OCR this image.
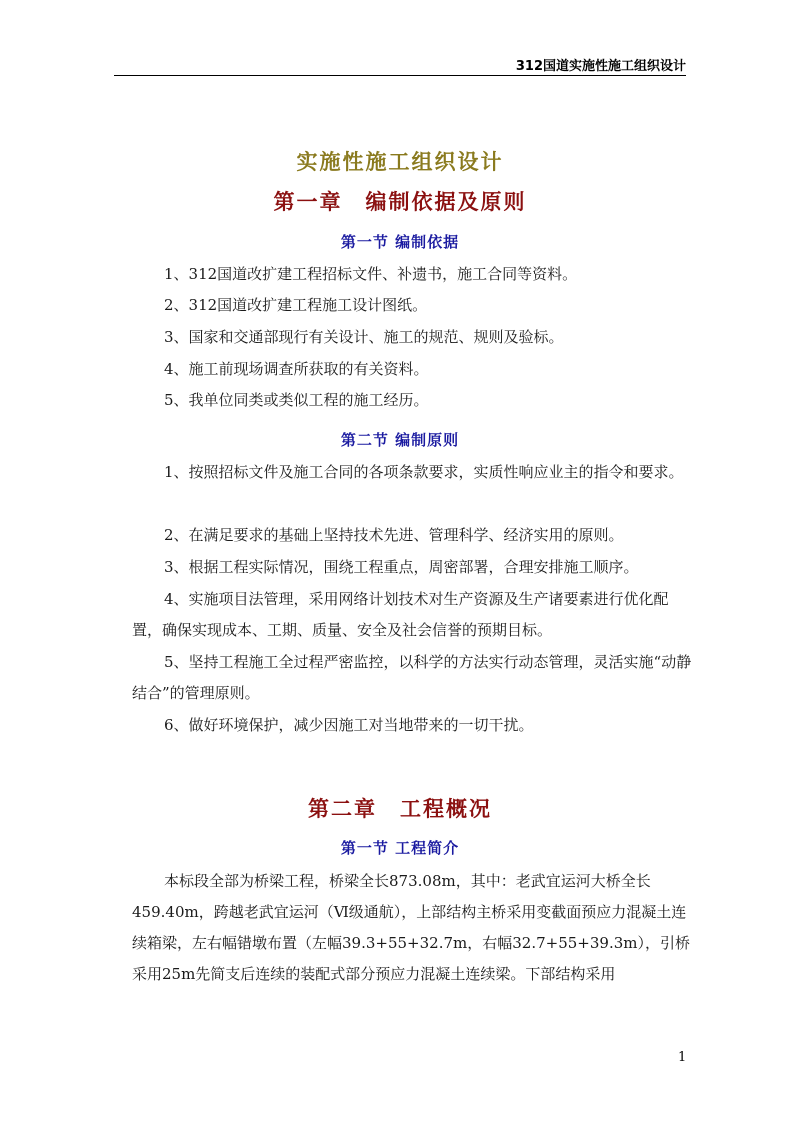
312国道实施性施工组织设计
实施性施工组织设计
第一章　编制依据及原则
第一节 编制依据

1、312国道改扩建工程招标文件、补遗书，施工合同等资料。

2、312国道改扩建工程施工设计图纸。

3、国家和交通部现行有关设计、施工的规范、规则及验标。

4、施工前现场调查所获取的有关资料。

5、我单位同类或类似工程的施工经历。

第二节 编制原则

1、按照招标文件及施工合同的各项条款要求，实质性响应业主的指令和要求。

2、在满足要求的基础上坚持技术先进、管理科学、经济实用的原则。

3、根据工程实际情况，围绕工程重点，周密部署，合理安排施工顺序。

4、实施项目法管理，采用网络计划技术对生产资源及生产诸要素进行优化配置，确保实现成本、工期、质量、安全及社会信誉的预期目标。

5、坚持工程施工全过程严密监控，以科学的方法实行动态管理，灵活实施“动静结合”的管理原则。

6、做好环境保护，减少因施工对当地带来的一切干扰。

第二章　工程概况
第一节 工程简介

本标段全部为桥梁工程，桥梁全长873.08m，其中：老武宜运河大桥全长459.40m，跨越老武宜运河（Ⅵ级通航），上部结构主桥采用变截面预应力混凝土连续箱梁，左右幅错墩布置（左幅39.3+55+32.7m，右幅32.7+55+39.3m），引桥采用25m先简支后连续的装配式部分预应力混凝土连续梁。下部结构采用

1
